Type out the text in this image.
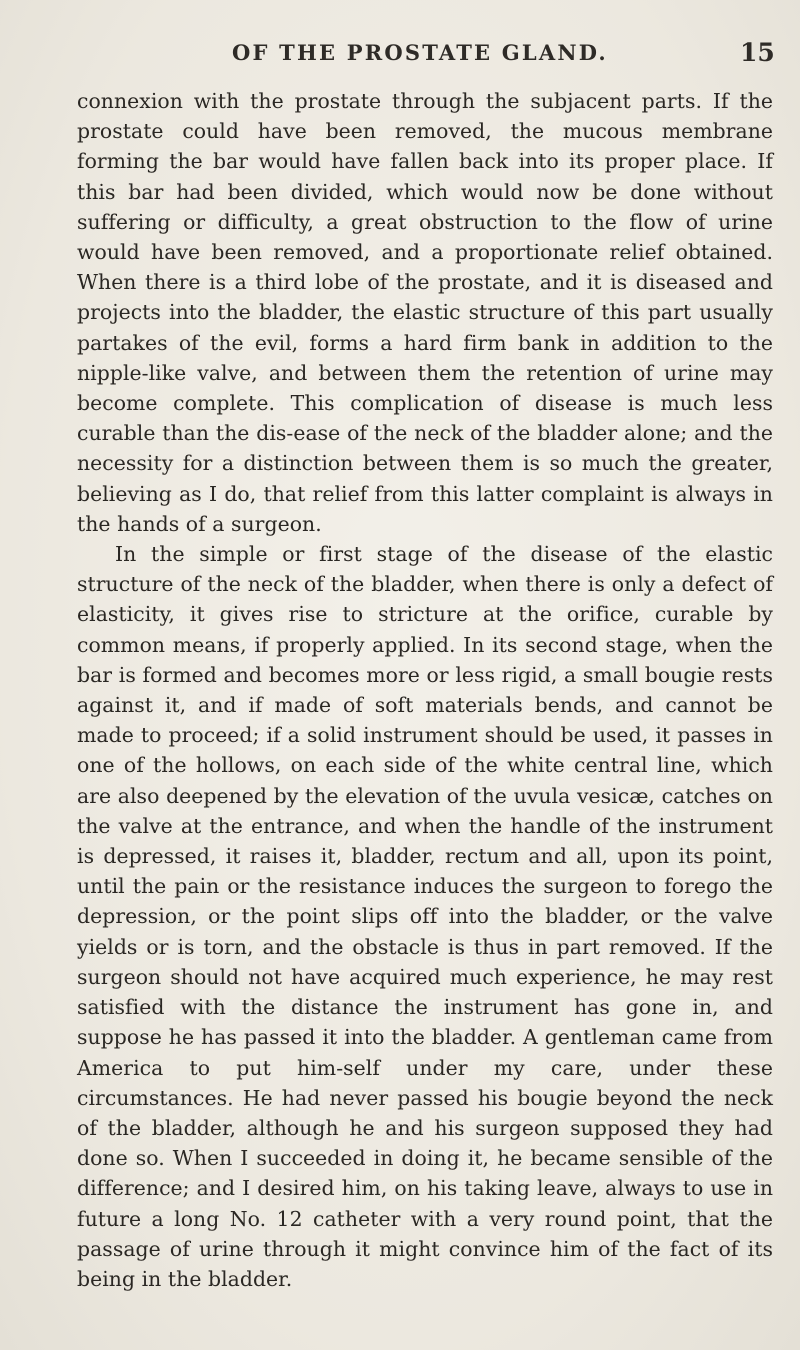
OF THE PROSTATE GLAND.	15

connexion with the prostate through the subjacent parts. If the prostate could have been removed, the mucous membrane forming the bar would have fallen back into its proper place. If this bar had been divided, which would now be done without suffering or difficulty, a great obstruction to the flow of urine would have been removed, and a proportionate relief obtained. When there is a third lobe of the prostate, and it is diseased and projects into the bladder, the elastic structure of this part usually partakes of the evil, forms a hard firm bank in addition to the nipple-like valve, and between them the retention of urine may become complete. This complication of disease is much less curable than the dis-ease of the neck of the bladder alone; and the necessity for a distinction between them is so much the greater, believing as I do, that relief from this latter complaint is always in the hands of a surgeon.

In the simple or first stage of the disease of the elastic structure of the neck of the bladder, when there is only a defect of elasticity, it gives rise to stricture at the orifice, curable by common means, if properly applied. In its second stage, when the bar is formed and becomes more or less rigid, a small bougie rests against it, and if made of soft materials bends, and cannot be made to proceed; if a solid instrument should be used, it passes in one of the hollows, on each side of the white central line, which are also deepened by the elevation of the uvula vesicæ, catches on the valve at the entrance, and when the handle of the instrument is depressed, it raises it, bladder, rectum and all, upon its point, until the pain or the resistance induces the surgeon to forego the depression, or the point slips off into the bladder, or the valve yields or is torn, and the obstacle is thus in part removed. If the surgeon should not have acquired much experience, he may rest satisfied with the distance the instrument has gone in, and suppose he has passed it into the bladder. A gentleman came from America to put him-self under my care, under these circumstances. He had never passed his bougie beyond the neck of the bladder, although he and his surgeon supposed they had done so. When I succeeded in doing it, he became sensible of the difference; and I desired him, on his taking leave, always to use in future a long No. 12 catheter with a very round point, that the passage of urine through it might convince him of the fact of its being in the bladder.
